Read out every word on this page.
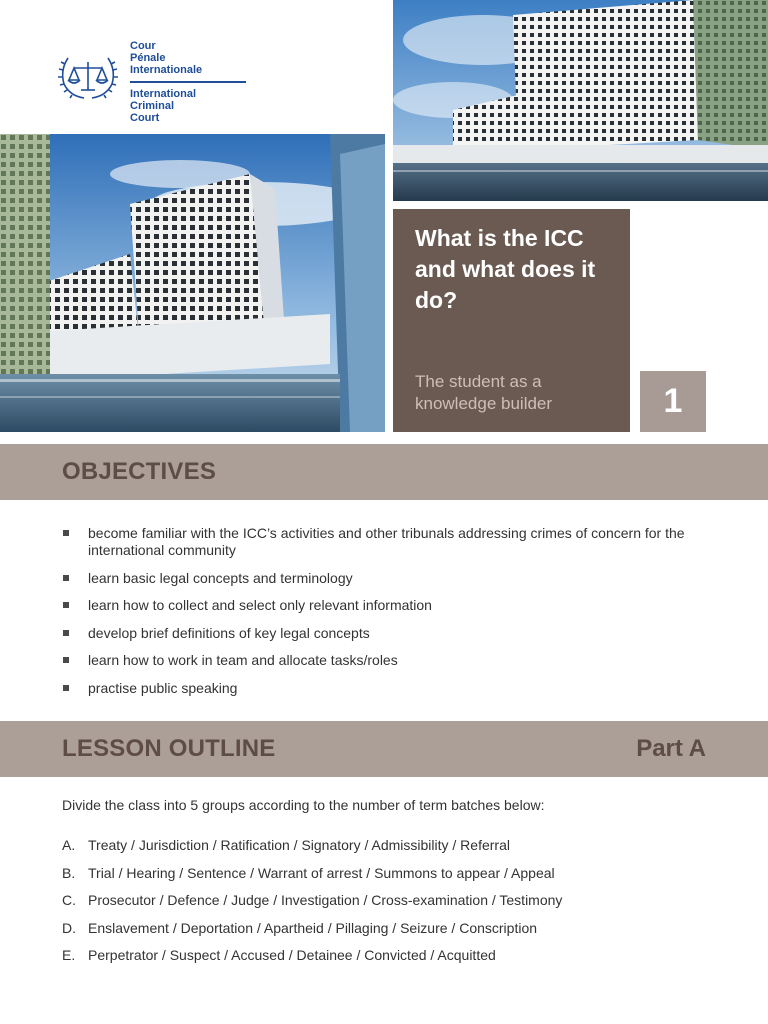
Cour
Pénale
Internationale
International
Criminal
Court
What is the ICC and what does it do?
The student as a knowledge builder	1
OBJECTIVES
become familiar with the ICC’s activities and other tribunals addressing crimes of concern for the international community
learn basic legal concepts and terminology
learn how to collect and select only relevant information
develop brief definitions of key legal concepts
learn how to work in team and allocate tasks/roles
practise public speaking
LESSON OUTLINE	Part A
Divide the class into 5 groups according to the number of term batches below:
A. Treaty / Jurisdiction / Ratification / Signatory / Admissibility / Referral
B. Trial / Hearing / Sentence / Warrant of arrest / Summons to appear / Appeal
C. Prosecutor / Defence / Judge / Investigation / Cross-examination / Testimony
D. Enslavement / Deportation / Apartheid / Pillaging / Seizure / Conscription
E. Perpetrator / Suspect / Accused / Detainee / Convicted / Acquitted
